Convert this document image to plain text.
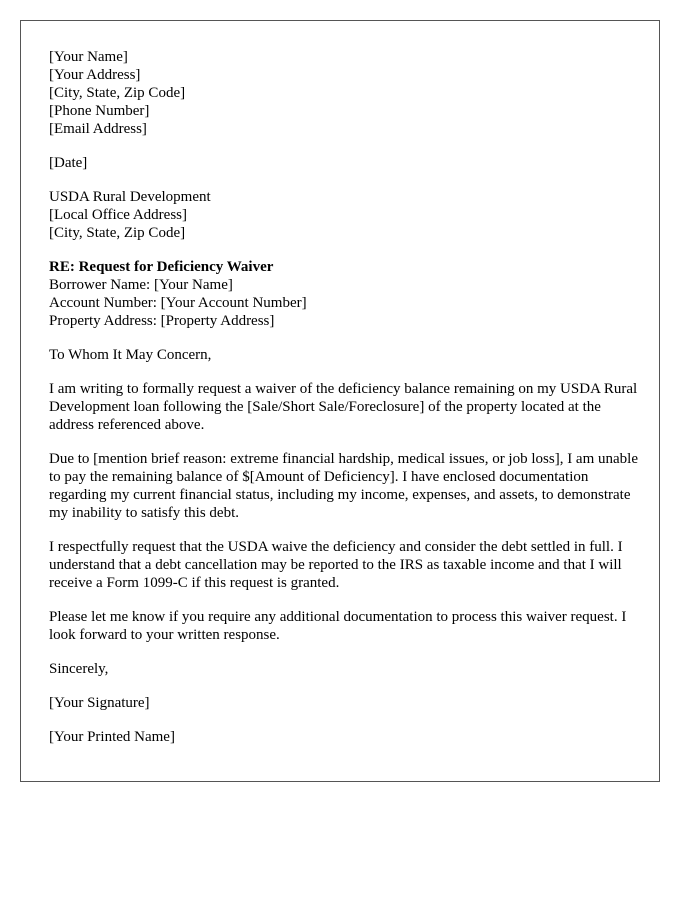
[Your Name]
[Your Address]
[City, State, Zip Code]
[Phone Number]
[Email Address]
[Date]
USDA Rural Development
[Local Office Address]
[City, State, Zip Code]
RE: Request for Deficiency Waiver
Borrower Name: [Your Name]
Account Number: [Your Account Number]
Property Address: [Property Address]
To Whom It May Concern,

I am writing to formally request a waiver of the deficiency balance remaining on my USDA Rural Development loan following the [Sale/Short Sale/Foreclosure] of the property located at the address referenced above.

Due to [mention brief reason: extreme financial hardship, medical issues, or job loss], I am unable to pay the remaining balance of $[Amount of Deficiency]. I have enclosed documentation regarding my current financial status, including my income, expenses, and assets, to demonstrate my inability to satisfy this debt.

I respectfully request that the USDA waive the deficiency and consider the debt settled in full. I understand that a debt cancellation may be reported to the IRS as taxable income and that I will receive a Form 1099-C if this request is granted.

Please let me know if you require any additional documentation to process this waiver request. I look forward to your written response.

Sincerely,
[Your Signature]
[Your Printed Name]
